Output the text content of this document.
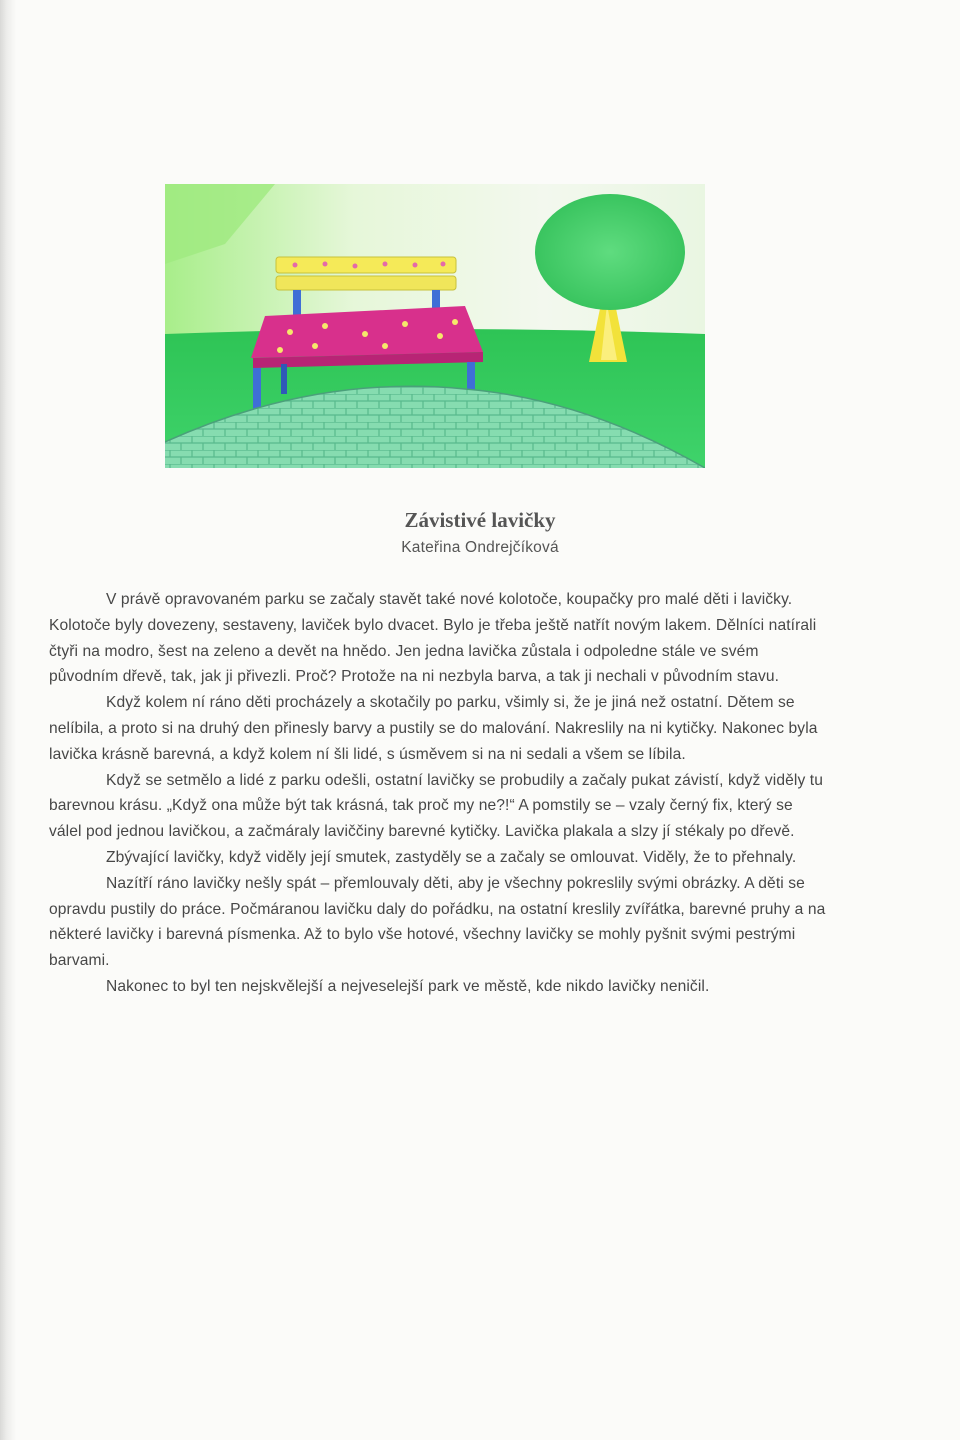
Závistivé lavičky
Kateřina Ondrejčíková

V právě opravovaném parku se začaly stavět také nové kolotoče, koupačky pro malé děti i lavičky. Kolotoče byly dovezeny, sestaveny, laviček bylo dvacet. Bylo je třeba ještě natřít novým lakem. Dělníci natírali čtyři na modro, šest na zeleno a devět na hnědo. Jen jedna lavička zůstala i odpoledne stále ve svém původním dřevě, tak, jak ji přivezli. Proč? Protože na ni nezbyla barva, a tak ji nechali v původním stavu.

Když kolem ní ráno děti procházely a skotačily po parku, všimly si, že je jiná než ostatní. Dětem se nelíbila, a proto si na druhý den přinesly barvy a pustily se do malování. Nakreslily na ni kytičky. Nakonec byla lavička krásně barevná, a když kolem ní šli lidé, s úsměvem si na ni sedali a všem se líbila.

Když se setmělo a lidé z parku odešli, ostatní lavičky se probudily a začaly pukat závistí, když viděly tu barevnou krásu. „Když ona může být tak krásná, tak proč my ne?!“ A pomstily se – vzaly černý fix, který se válel pod jednou lavičkou, a začmáraly laviččiny barevné kytičky. Lavička plakala a slzy jí stékaly po dřevě.

Zbývající lavičky, když viděly její smutek, zastyděly se a začaly se omlouvat. Viděly, že to přehnaly.

Nazítří ráno lavičky nešly spát – přemlouvaly děti, aby je všechny pokreslily svými obrázky. A děti se opravdu pustily do práce. Počmáranou lavičku daly do pořádku, na ostatní kreslily zvířátka, barevné pruhy a na některé lavičky i barevná písmenka. Až to bylo vše hotové, všechny lavičky se mohly pyšnit svými pestrými barvami.

Nakonec to byl ten nejskvělejší a nejveselejší park ve městě, kde nikdo lavičky neničil.
